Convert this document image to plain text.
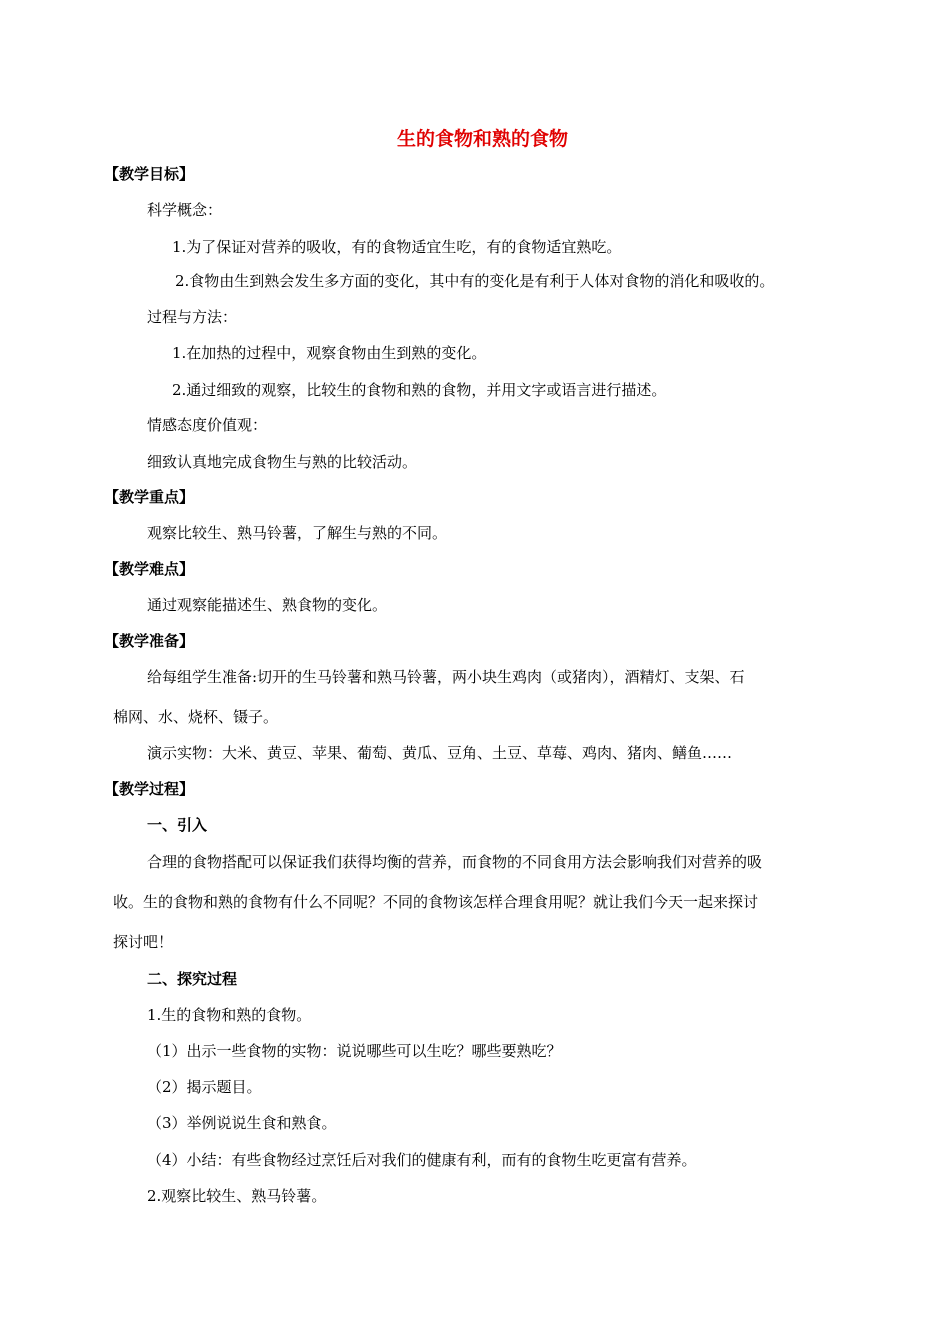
生的食物和熟的食物
【教学目标】
科学概念：
1.为了保证对营养的吸收，有的食物适宜生吃，有的食物适宜熟吃。
2.食物由生到熟会发生多方面的变化，其中有的变化是有利于人体对食物的消化和吸收的。
过程与方法：
1.在加热的过程中，观察食物由生到熟的变化。
2.通过细致的观察，比较生的食物和熟的食物，并用文字或语言进行描述。
情感态度价值观：
细致认真地完成食物生与熟的比较活动。
【教学重点】
观察比较生、熟马铃薯，了解生与熟的不同。
【教学难点】
通过观察能描述生、熟食物的变化。
【教学准备】
给每组学生准备:切开的生马铃薯和熟马铃薯，两小块生鸡肉（或猪肉），酒精灯、支架、石
棉网、水、烧杯、镊子。
演示实物：大米、黄豆、苹果、葡萄、黄瓜、豆角、土豆、草莓、鸡肉、猪肉、鳝鱼……
【教学过程】
一、引入
合理的食物搭配可以保证我们获得均衡的营养，而食物的不同食用方法会影响我们对营养的吸
收。生的食物和熟的食物有什么不同呢？不同的食物该怎样合理食用呢？就让我们今天一起来探讨
探讨吧！
二、探究过程
1.生的食物和熟的食物。
（1）出示一些食物的实物：说说哪些可以生吃？哪些要熟吃？
（2）揭示题目。
（3）举例说说生食和熟食。
（4）小结：有些食物经过烹饪后对我们的健康有利，而有的食物生吃更富有营养。
2.观察比较生、熟马铃薯。
